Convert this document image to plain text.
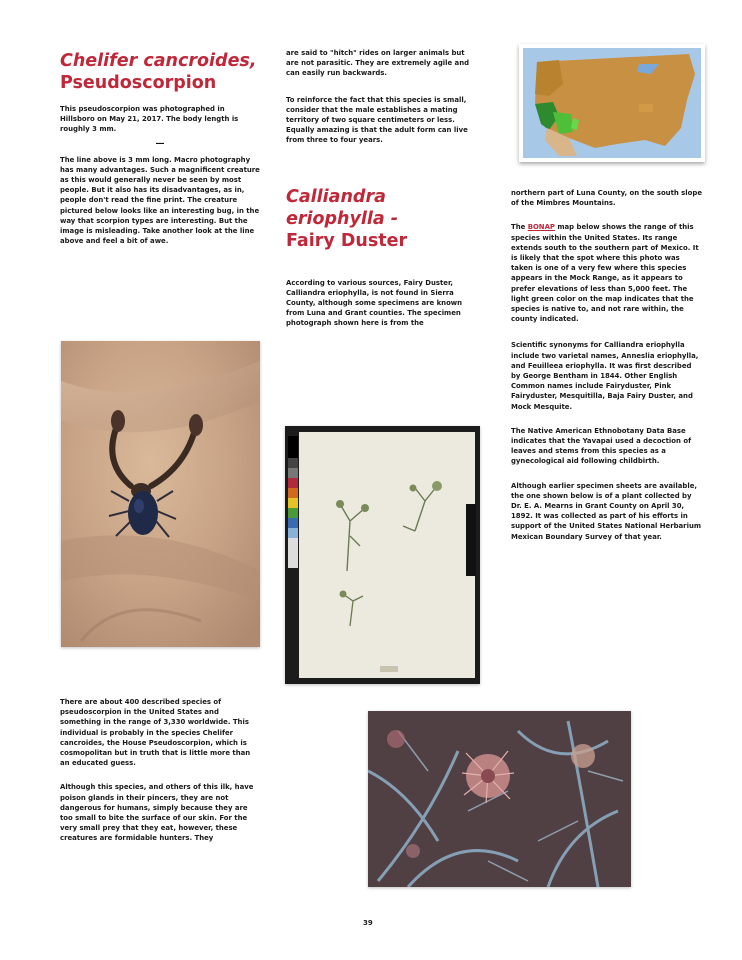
Chelifer cancroides,
Pseudoscorpion

This pseudoscorpion was photographed in Hillsboro on May 21, 2017. The body length is roughly 3 mm.

—

The line above is 3 mm long. Macro photography has many advantages. Such a magnificent creature as this would generally never be seen by most people. But it also has its disadvantages, as in, people don't read the fine print. The creature pictured below looks like an interesting bug, in the way that scorpion types are interesting. But the image is misleading. Take another look at the line above and feel a bit of awe.

There are about 400 described species of pseudoscorpion in the United States and something in the range of 3,330 worldwide. This individual is probably in the species Chelifer cancroides, the House Pseudoscorpion, which is cosmopolitan but in truth that is little more than an educated guess.

Although this species, and others of this ilk, have poison glands in their pincers, they are not dangerous for humans, simply because they are too small to bite the surface of our skin. For the very small prey that they eat, however, these creatures are formidable hunters. They

are said to "hitch" rides on larger animals but are not parasitic. They are extremely agile and can easily run backwards.

To reinforce the fact that this species is small, consider that the male establishes a mating territory of two square centimeters or less. Equally amazing is that the adult form can live from three to four years.

Calliandra eriophylla -
Fairy Duster

According to various sources, Fairy Duster, Calliandra eriophylla, is not found in Sierra County, although some specimens are known from Luna and Grant counties. The specimen photograph shown here is from the

northern part of Luna County, on the south slope of the Mimbres Mountains.

The BONAP map below shows the range of this species within the United States. Its range extends south to the southern part of Mexico. It is likely that the spot where this photo was taken is one of a very few where this species appears in the Mock Range, as it appears to prefer elevations of less than 5,000 feet. The light green color on the map indicates that the species is native to, and not rare within, the county indicated.

Scientific synonyms for Calliandra eriophylla include two varietal names, Anneslia eriophylla, and Feuilleea eriophylla. It was first described by George Bentham in 1844. Other English Common names include Fairyduster, Pink Fairyduster, Mesquitilla, Baja Fairy Duster, and Mock Mesquite.

The Native American Ethnobotany Data Base indicates that the Yavapai used a decoction of leaves and stems from this species as a gynecological aid following childbirth.

Although earlier specimen sheets are available, the one shown below is of a plant collected by Dr. E. A. Mearns in Grant County on April 30, 1892. It was collected as part of his efforts in support of the United States National Herbarium Mexican Boundary Survey of that year.

39
